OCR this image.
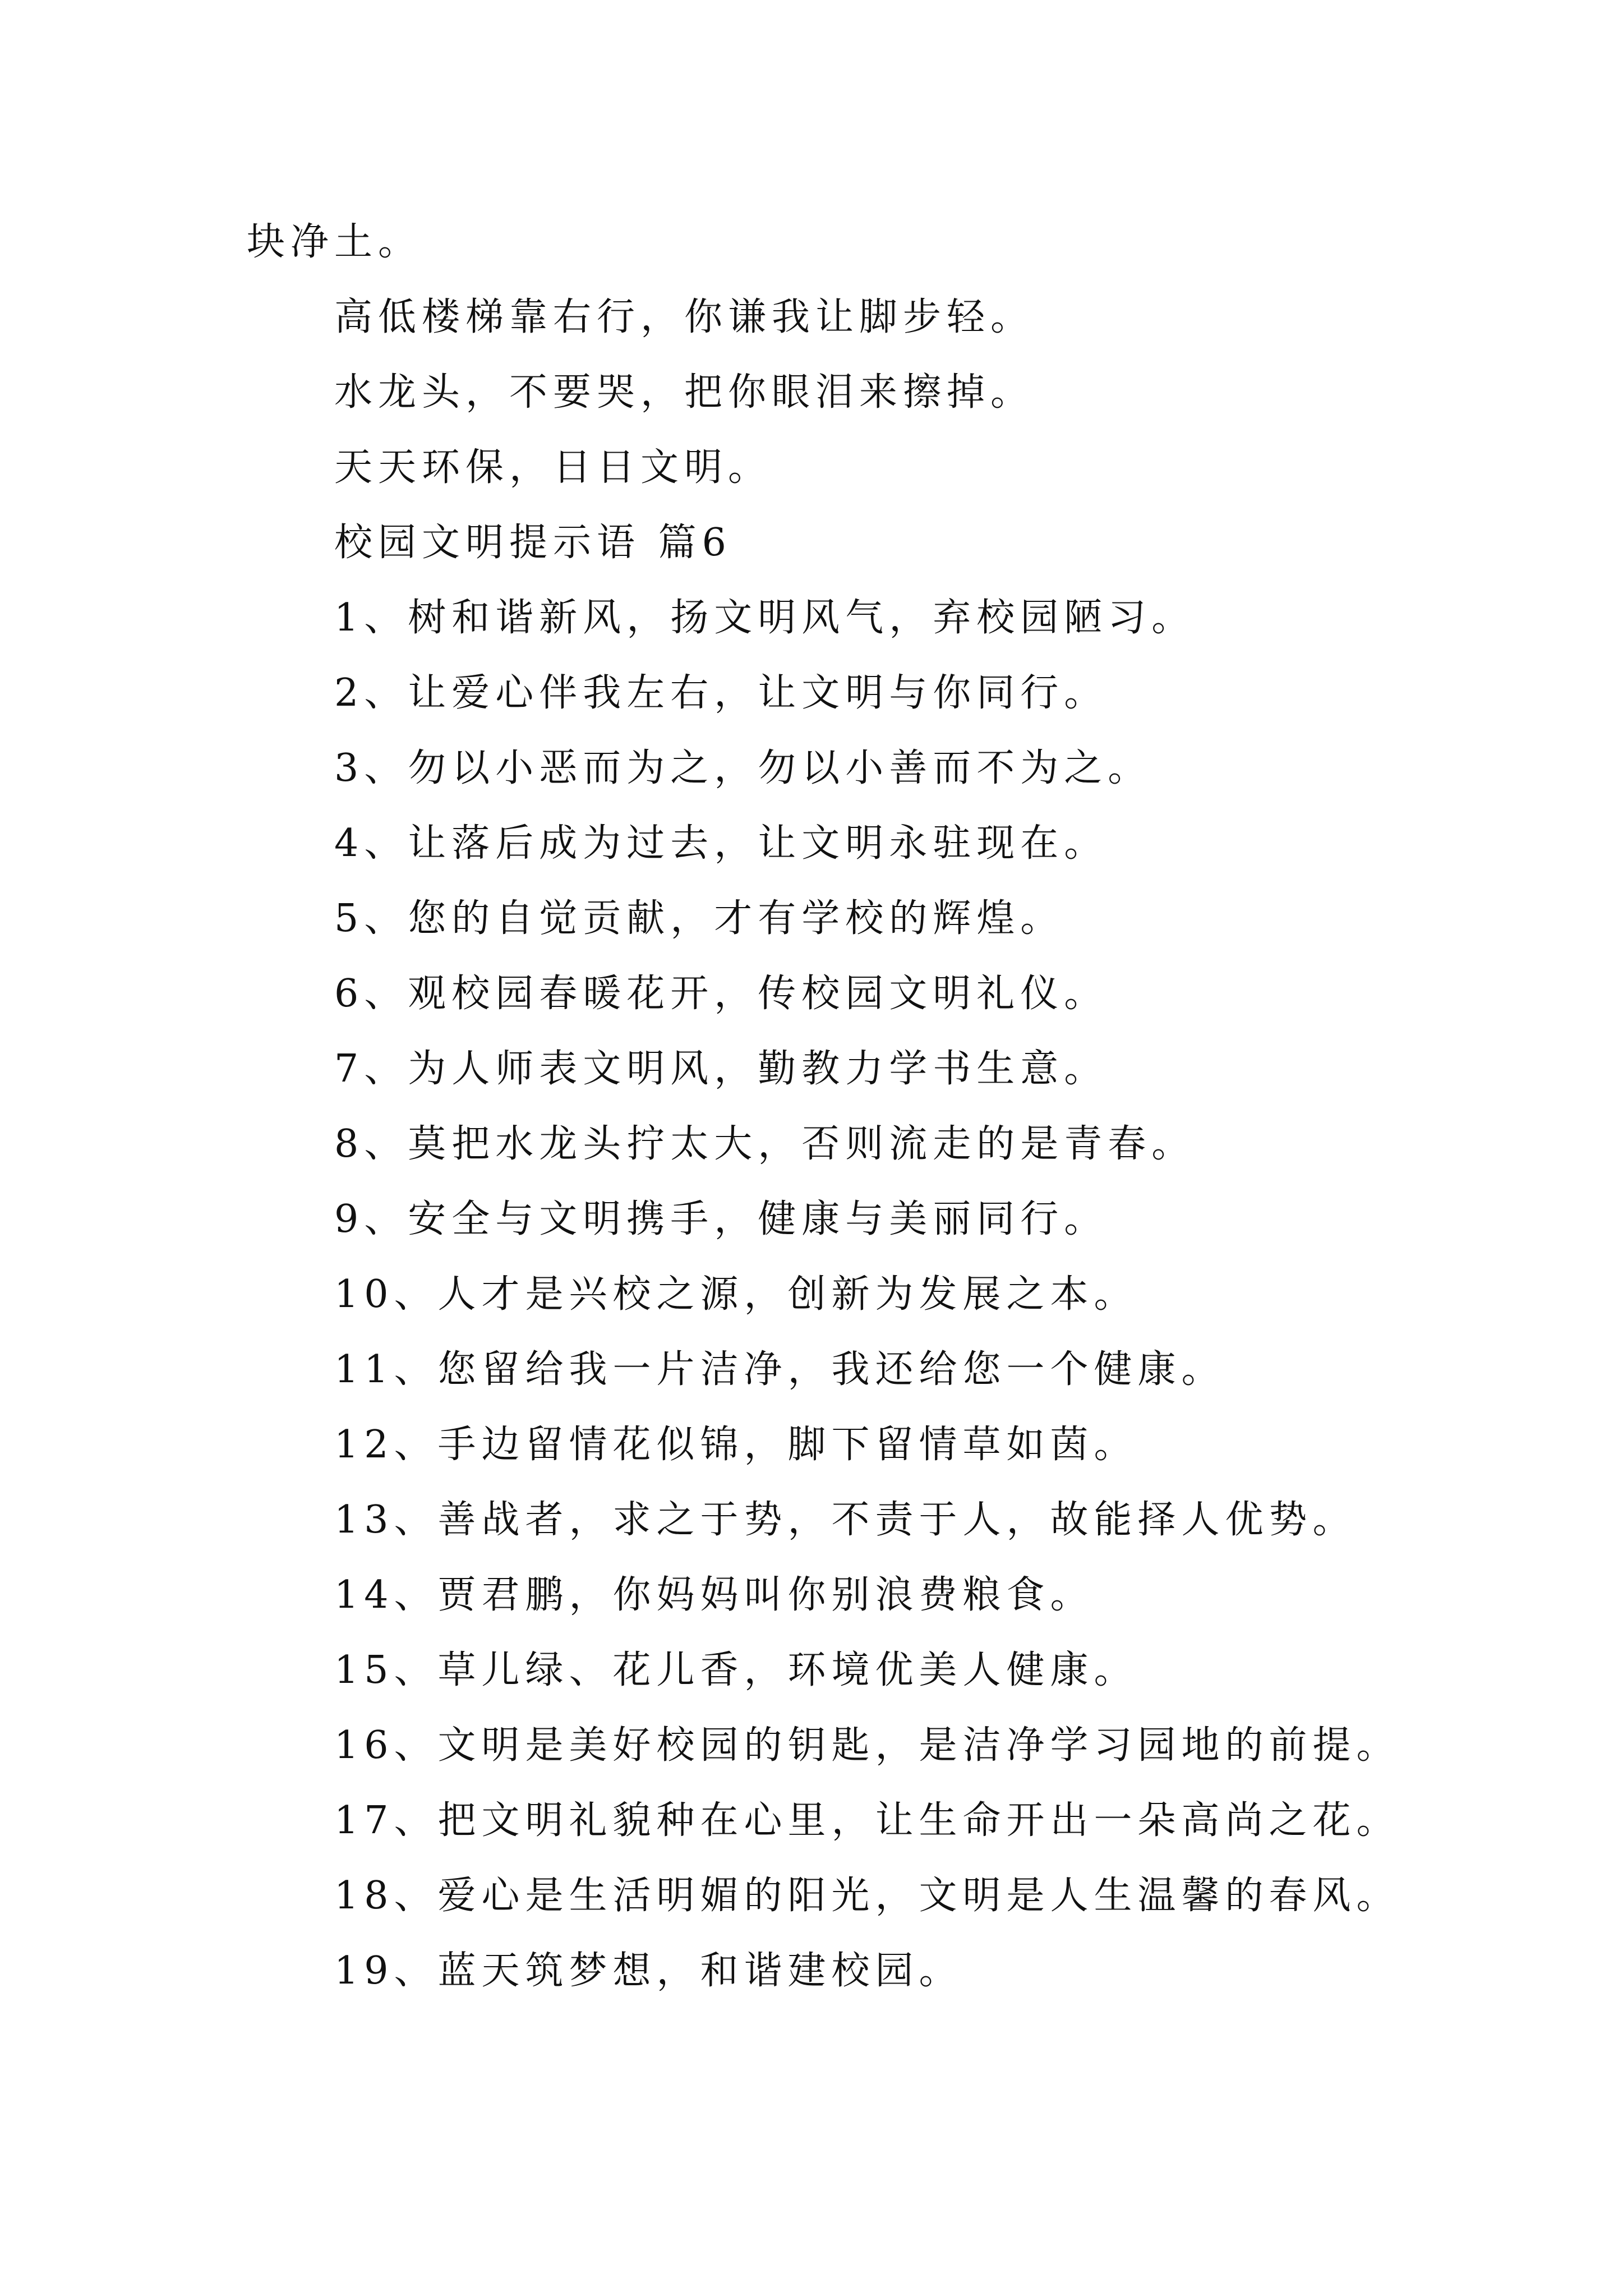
块净土。
高低楼梯靠右行，你谦我让脚步轻。
水龙头，不要哭，把你眼泪来擦掉。
天天环保，日日文明。
校园文明提示语 篇6
1、树和谐新风，扬文明风气，弃校园陋习。
2、让爱心伴我左右，让文明与你同行。
3、勿以小恶而为之，勿以小善而不为之。
4、让落后成为过去，让文明永驻现在。
5、您的自觉贡献，才有学校的辉煌。
6、观校园春暖花开，传校园文明礼仪。
7、为人师表文明风，勤教力学书生意。
8、莫把水龙头拧太大，否则流走的是青春。
9、安全与文明携手，健康与美丽同行。
10、人才是兴校之源，创新为发展之本。
11、您留给我一片洁净，我还给您一个健康。
12、手边留情花似锦，脚下留情草如茵。
13、善战者，求之于势，不责于人，故能择人优势。
14、贾君鹏，你妈妈叫你别浪费粮食。
15、草儿绿、花儿香，环境优美人健康。
16、文明是美好校园的钥匙，是洁净学习园地的前提。
17、把文明礼貌种在心里，让生命开出一朵高尚之花。
18、爱心是生活明媚的阳光，文明是人生温馨的春风。
19、蓝天筑梦想，和谐建校园。
